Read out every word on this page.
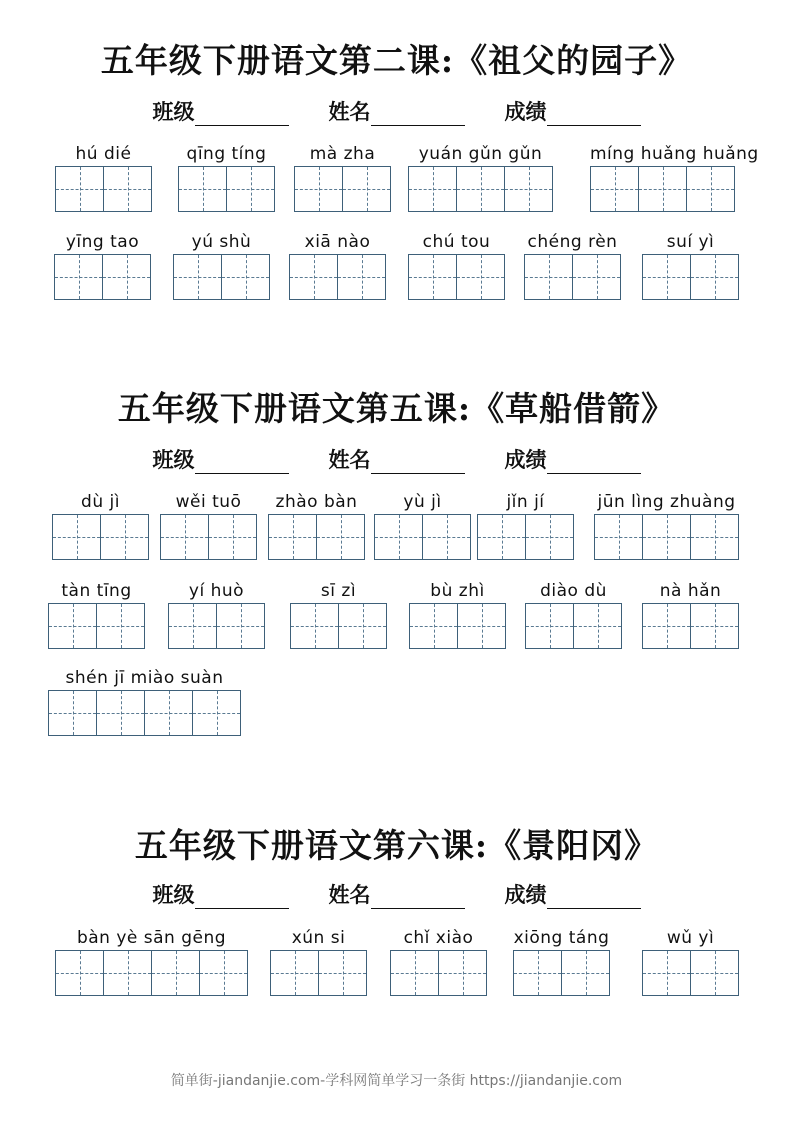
五年级下册语文第二课:《祖父的园子》
班级	姓名	成绩
hú dié	qīng tíng	mà zha	yuán gǔn gǔn	míng huǎng huǎng
yīng tao	yú shù	xiā nào	chú tou	chéng rèn	suí yì
五年级下册语文第五课:《草船借箭》
班级	姓名	成绩
dù jì	wěi tuō	zhào bàn	yù jì	jǐn jí	jūn lìng zhuàng
tàn tīng	yí huò	sī zì	bù zhì	diào dù	nà hǎn
shén jī miào suàn
五年级下册语文第六课:《景阳冈》
班级	姓名	成绩
bàn yè sān gēng	xún si	chǐ xiào	xiōng táng	wǔ yì
简单街-jiandanjie.com-学科网简单学习一条街 https://jiandanjie.com
